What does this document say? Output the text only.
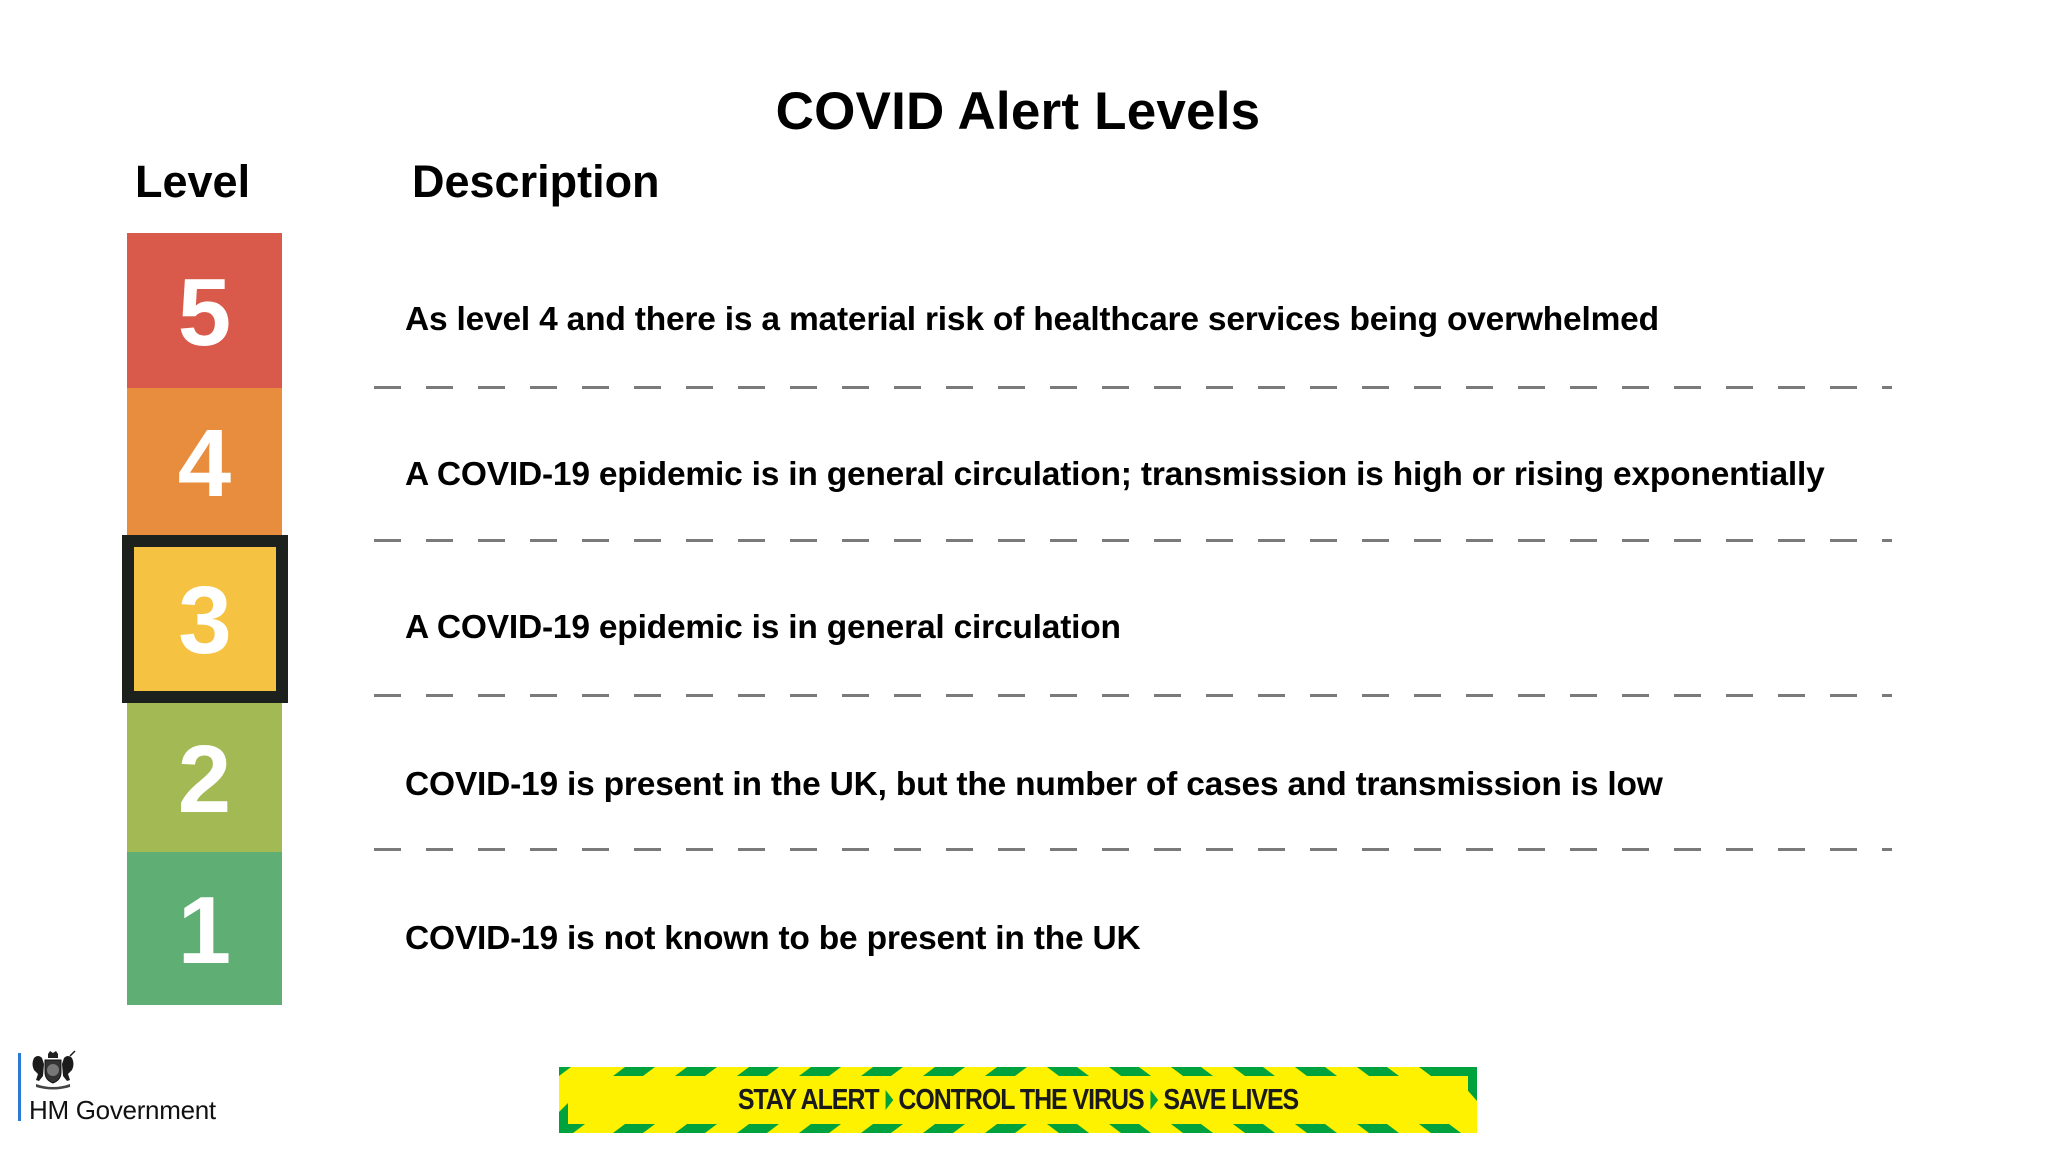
COVID Alert Levels
Level	Description
5
4
2
1
3
As level 4 and there is a material risk of healthcare services being overwhelmed
A COVID-19 epidemic is in general circulation; transmission is high or rising exponentially
A COVID-19 epidemic is in general circulation
COVID-19 is present in the UK, but the number of cases and transmission is low
COVID-19 is not known to be present in the UK
HM Government	STAY ALERT CONTROL THE VIRUS SAVE LIVES
